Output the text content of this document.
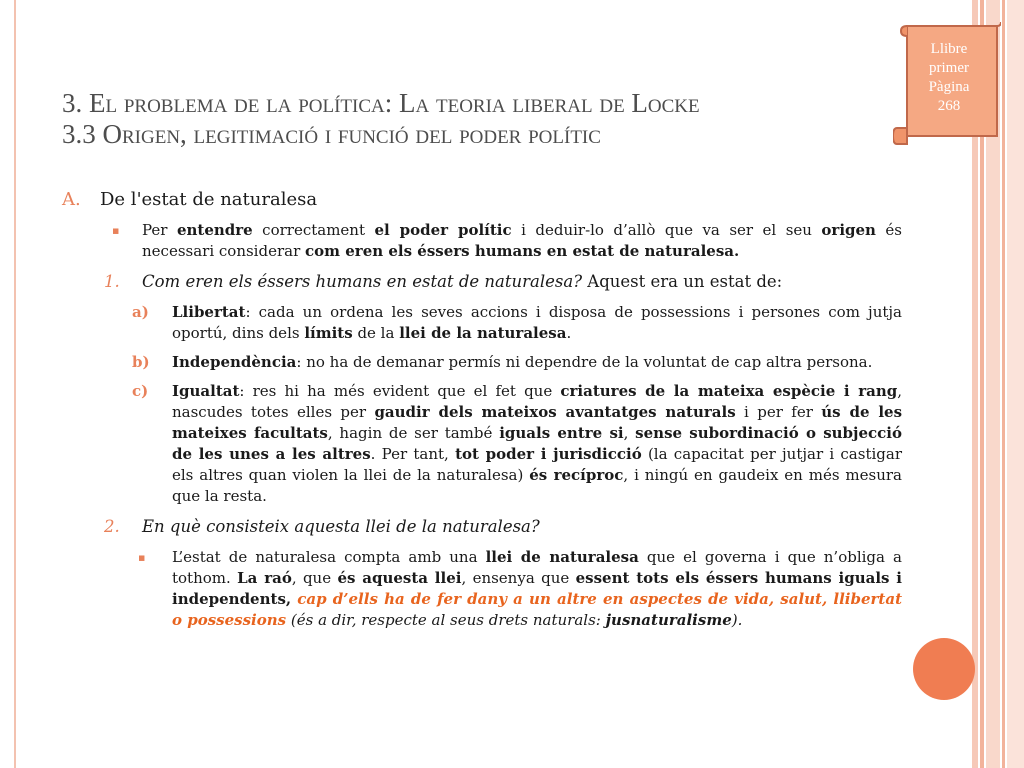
3. El problema de la política: La teoria liberal de Locke
3.3 Origen, legitimació i funció del poder polític
Llibre
primer
Pàgina
268
A. De l'estat de naturalesa
▪ Per entendre correctament el poder polític i deduir-lo d’allò que va ser el seu origen és necessari considerar com eren els éssers humans en estat de naturalesa.
1. Com eren els éssers humans en estat de naturalesa? Aquest era un estat de:
a) Llibertat: cada un ordena les seves accions i disposa de possessions i persones com jutja oportú, dins dels límits de la llei de la naturalesa.
b) Independència: no ha de demanar permís ni dependre de la voluntat de cap altra persona.
c) Igualtat: res hi ha més evident que el fet que criatures de la mateixa espècie i rang, nascudes totes elles per gaudir dels mateixos avantatges naturals i per fer ús de les mateixes facultats, hagin de ser també iguals entre si, sense subordinació o subjecció de les unes a les altres. Per tant, tot poder i jurisdicció (la capacitat per jutjar i castigar els altres quan violen la llei de la naturalesa) és recíproc, i ningú en gaudeix en més mesura que la resta.
2. En què consisteix aquesta llei de la naturalesa?
▪ L’estat de naturalesa compta amb una llei de naturalesa que el governa i que n’obliga a tothom. La raó, que és aquesta llei, ensenya que essent tots els éssers humans iguals i independents, cap d’ells ha de fer dany a un altre en aspectes de vida, salut, llibertat o possessions (és a dir, respecte al seus drets naturals: jusnaturalisme).
